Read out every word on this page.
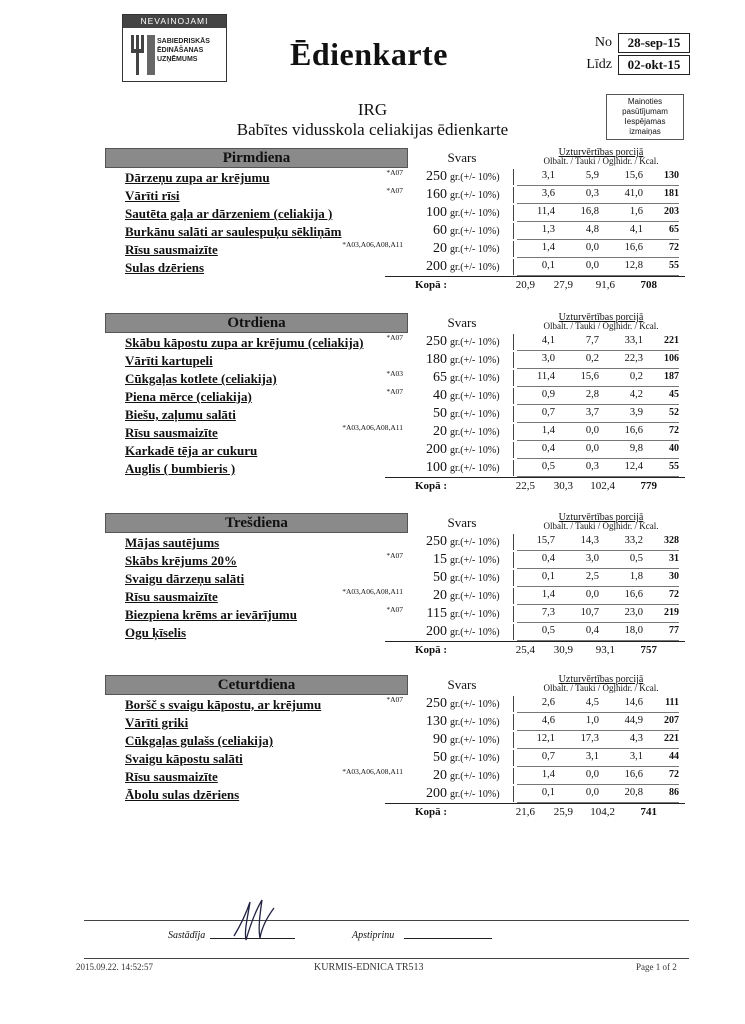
NEVAINOJAMI
SABIEDRISKĀS
ĒDINĀŠANAS
UZŅĒMUMS	Ēdienkarte	No	28-sep-15
Līdz	02-okt-15
Mainoties
pasūtījumam
Iespējamas
izmaiņas
IRG
Babītes vidusskola celiakijas ēdienkarte
Pirmdiena	Svars	Uzturvērtības porcijā
Olbalt. / Tauki / Ogļhidr. / Kcal.
Dārzeņu zupa ar krējumu	*A07	250 gr.(+/- 10%)	3,1	5,9	15,6	130
Vārīti rīsi	*A07	160 gr.(+/- 10%)	3,6	0,3	41,0	181
Sautēta gaļa ar dārzeniem (celiakija )	100 gr.(+/- 10%)	11,4	16,8	1,6	203
Burkānu salāti ar saulespuķu sēkliņām	60 gr.(+/- 10%)	1,3	4,8	4,1	65
Rīsu sausmaizīte	*A03,A06,A08,A11	20 gr.(+/- 10%)	1,4	0,0	16,6	72
Sulas dzēriens	200 gr.(+/- 10%)	0,1	0,0	12,8	55
Kopā :	20,9	27,9	91,6	708
Otrdiena	Svars	Uzturvērtības porcijā
Olbalt. / Tauki / Ogļhidr. / Kcal.
Skābu kāpostu zupa ar krējumu (celiakija)	*A07	250 gr.(+/- 10%)	4,1	7,7	33,1	221
Vārīti kartupeli	180 gr.(+/- 10%)	3,0	0,2	22,3	106
Cūkgaļas kotlete (celiakija)	*A03	65 gr.(+/- 10%)	11,4	15,6	0,2	187
Piena mērce (celiakija)	*A07	40 gr.(+/- 10%)	0,9	2,8	4,2	45
Biešu, zaļumu salāti	50 gr.(+/- 10%)	0,7	3,7	3,9	52
Rīsu sausmaizīte	*A03,A06,A08,A11	20 gr.(+/- 10%)	1,4	0,0	16,6	72
Karkadē tēja ar cukuru	200 gr.(+/- 10%)	0,4	0,0	9,8	40
Auglis ( bumbieris )	100 gr.(+/- 10%)	0,5	0,3	12,4	55
Kopā :	22,5	30,3	102,4	779
Trešdiena	Svars	Uzturvērtības porcijā
Olbalt. / Tauki / Ogļhidr. / Kcal.
Mājas sautējums	250 gr.(+/- 10%)	15,7	14,3	33,2	328
Skābs krējums 20%	*A07	15 gr.(+/- 10%)	0,4	3,0	0,5	31
Svaigu dārzeņu salāti	50 gr.(+/- 10%)	0,1	2,5	1,8	30
Rīsu sausmaizīte	*A03,A06,A08,A11	20 gr.(+/- 10%)	1,4	0,0	16,6	72
Biezpiena krēms ar ievārījumu	*A07	115 gr.(+/- 10%)	7,3	10,7	23,0	219
Ogu ķīselis	200 gr.(+/- 10%)	0,5	0,4	18,0	77
Kopā :	25,4	30,9	93,1	757
Ceturtdiena	Svars	Uzturvērtības porcijā
Olbalt. / Tauki / Ogļhidr. / Kcal.
Boršč s svaigu kāpostu, ar krējumu	*A07	250 gr.(+/- 10%)	2,6	4,5	14,6	111
Vārīti griki	130 gr.(+/- 10%)	4,6	1,0	44,9	207
Cūkgaļas gulašs (celiakija)	90 gr.(+/- 10%)	12,1	17,3	4,3	221
Svaigu kāpostu salāti	50 gr.(+/- 10%)	0,7	3,1	3,1	44
Rīsu sausmaizīte	*A03,A06,A08,A11	20 gr.(+/- 10%)	1,4	0,0	16,6	72
Ābolu sulas dzēriens	200 gr.(+/- 10%)	0,1	0,0	20,8	86
Kopā :	21,6	25,9	104,2	741
Sastādīja	Apstiprinu
2015.09.22. 14:52:57	KURMIS-EDNICA TR513	Page 1 of 2
